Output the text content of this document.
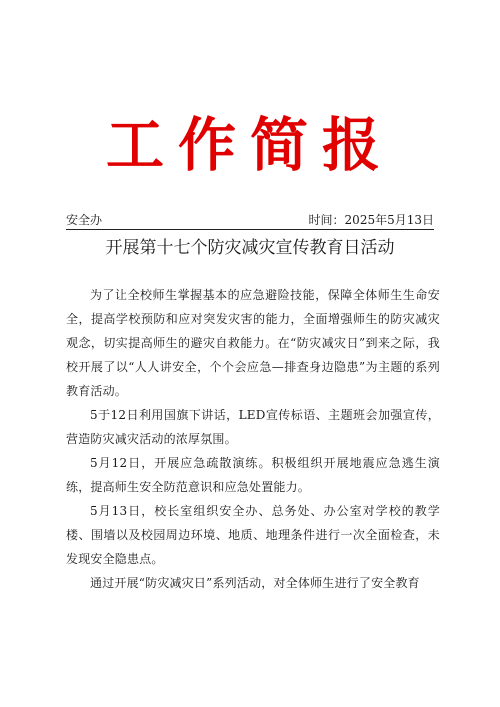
工作简报
安全办	时间：2025年5月13日
开展第十七个防灾减灾宣传教育日活动

为了让全校师生掌握基本的应急避险技能，保障全体师生生命安全，提高学校预防和应对突发灾害的能力，全面增强师生的防灾减灾观念，切实提高师生的避灾自救能力。在“防灾减灾日”到来之际，我校开展了以“人人讲安全，个个会应急—排查身边隐患”为主题的系列教育活动。

5于12日利用国旗下讲话，LED宣传标语、主题班会加强宣传，营造防灾减灾活动的浓厚氛围。

5月12日，开展应急疏散演练。积极组织开展地震应急逃生演练，提高师生安全防范意识和应急处置能力。

5月13日，校长室组织安全办、总务处、办公室对学校的教学楼、围墙以及校园周边环境、地质、地理条件进行一次全面检查，未发现安全隐患点。

通过开展“防灾减灾日”系列活动，对全体师生进行了安全教育
